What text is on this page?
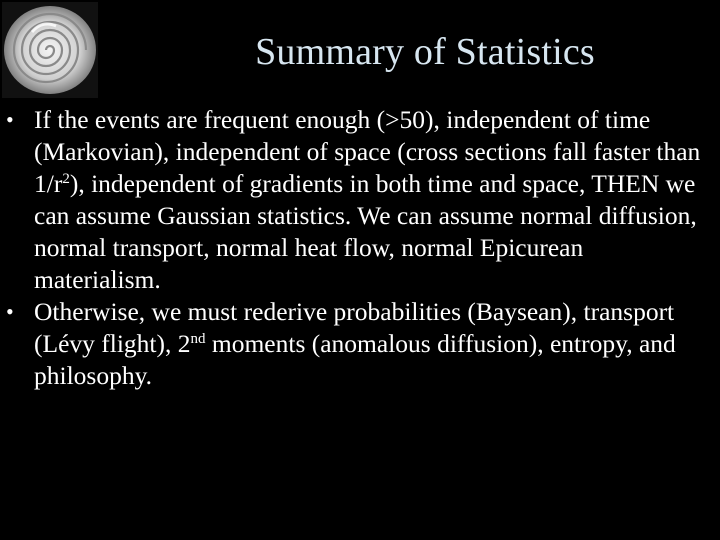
Summary of Statistics
• If the events are frequent enough (>50), independent of time (Markovian), independent of space (cross sections fall faster than $1/r^2$), independent of gradients in both time and space, THEN we can assume Gaussian statistics. We can assume normal diffusion, normal transport, normal heat flow, normal Epicurean materialism.
• Otherwise, we must rederive probabilities (Baysean), transport (Lévy flight), 2nd moments (anomalous diffusion), entropy, and philosophy.
